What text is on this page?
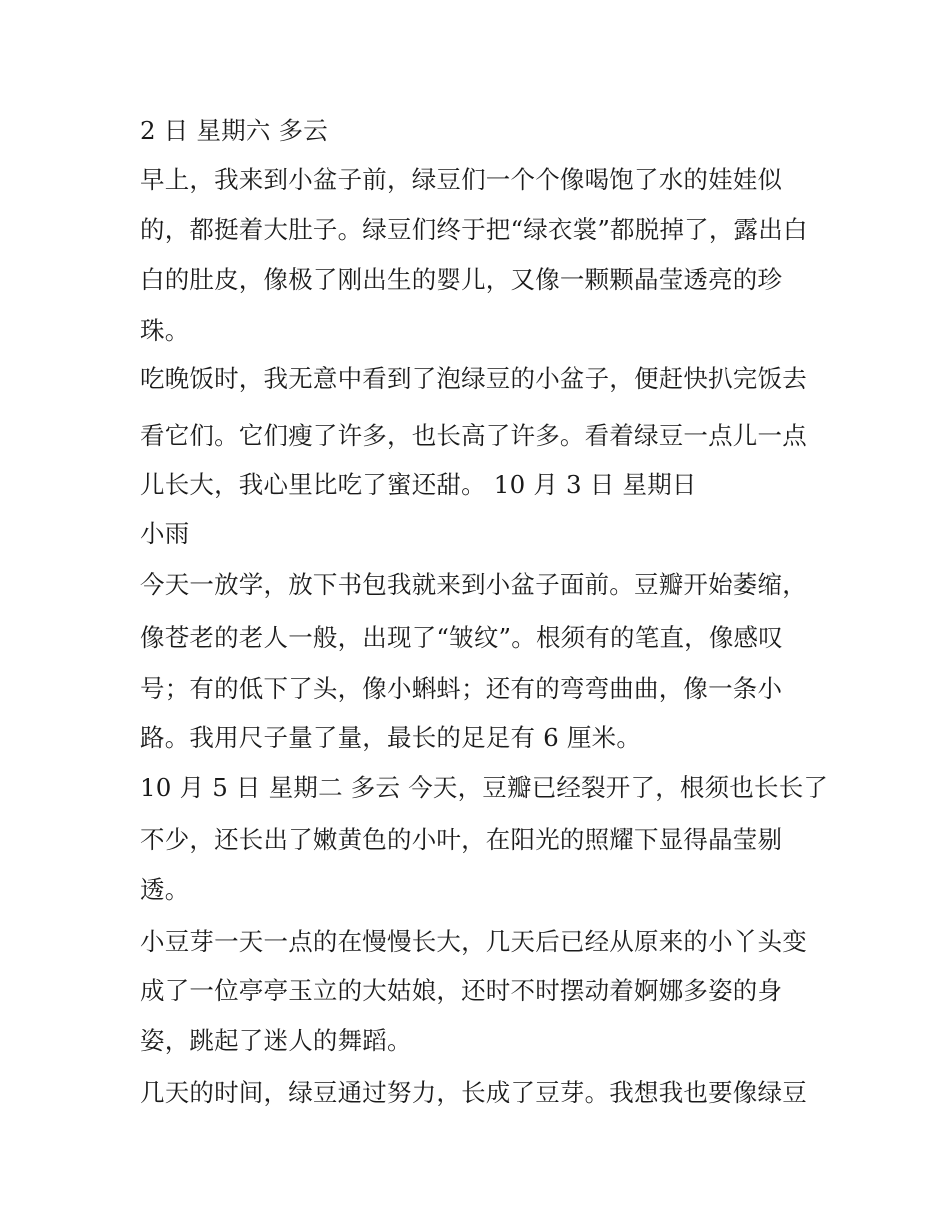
2 日 星期六 多云
早上，我来到小盆子前，绿豆们一个个像喝饱了水的娃娃似
的，都挺着大肚子。绿豆们终于把“绿衣裳”都脱掉了，露出白
白的肚皮，像极了刚出生的婴儿，又像一颗颗晶莹透亮的珍
珠。
吃晚饭时，我无意中看到了泡绿豆的小盆子，便赶快扒完饭去
看它们。它们瘦了许多，也长高了许多。看着绿豆一点儿一点
儿长大，我心里比吃了蜜还甜。 10 月 3 日 星期日
小雨
今天一放学，放下书包我就来到小盆子面前。豆瓣开始萎缩，
像苍老的老人一般，出现了“皱纹”。根须有的笔直，像感叹
号；有的低下了头，像小蝌蚪；还有的弯弯曲曲，像一条小
路。我用尺子量了量，最长的足足有 6 厘米。
10 月 5 日 星期二 多云 今天，豆瓣已经裂开了，根须也长长了
不少，还长出了嫩黄色的小叶，在阳光的照耀下显得晶莹剔
透。
小豆芽一天一点的在慢慢长大，几天后已经从原来的小丫头变
成了一位亭亭玉立的大姑娘，还时不时摆动着婀娜多姿的身
姿，跳起了迷人的舞蹈。
几天的时间，绿豆通过努力，长成了豆芽。我想我也要像绿豆
